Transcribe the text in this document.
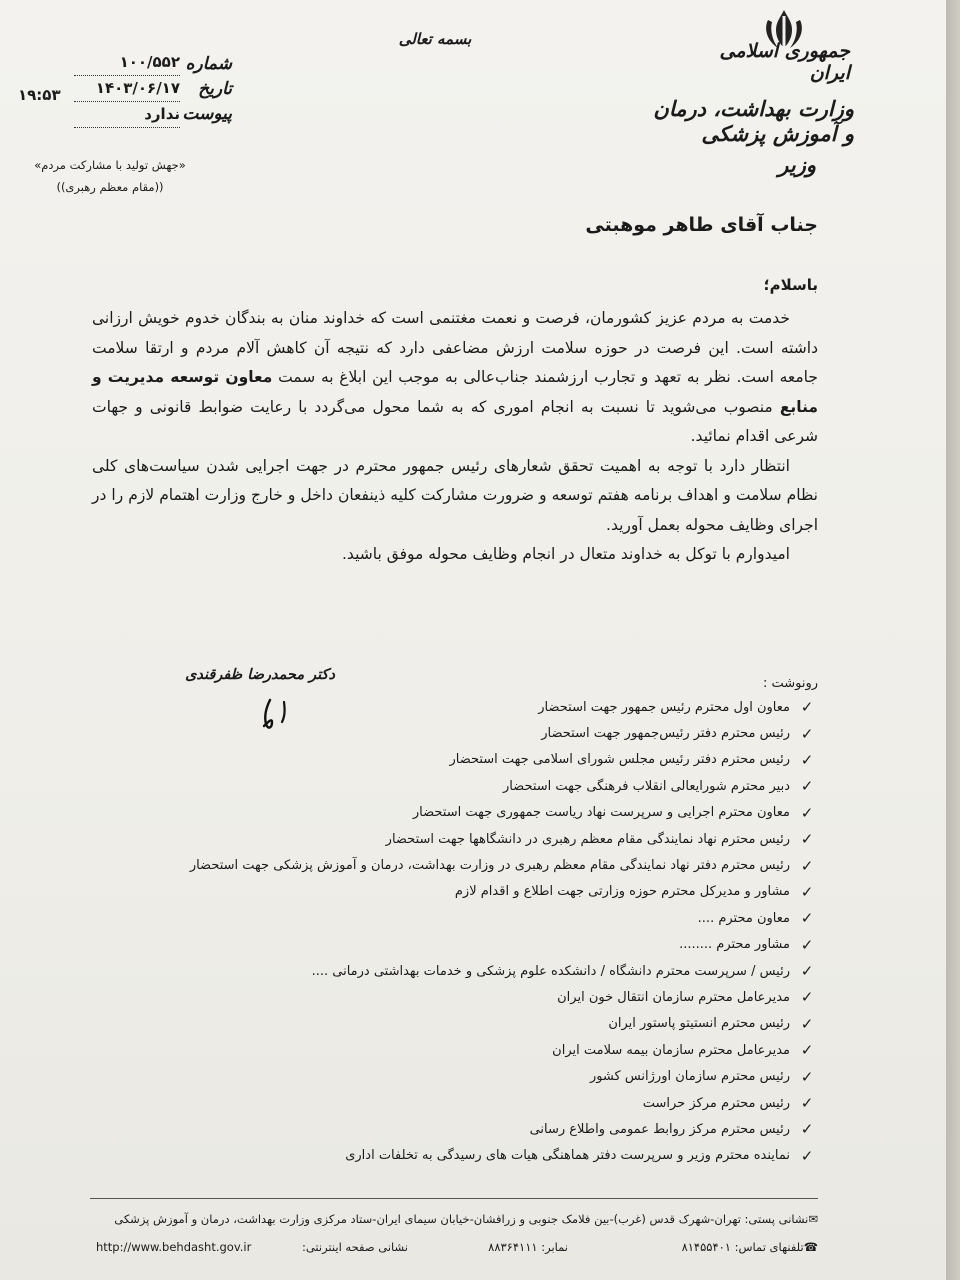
جمهوری اسلامی ایران
وزارت بهداشت، درمان و آموزش پزشکی
وزیر
بسمه تعالی
شماره
تاریخ
پیوست
۱۰۰/۵۵۲
۱۴۰۳/۰۶/۱۷
ندارد
۱۹:۵۳
«جهش تولید با مشارکت مردم»
((مقام معظم رهبری))
جناب آقای طاهر موهبتی
باسلام؛

خدمت به مردم عزیز کشورمان، فرصت و نعمت مغتنمی است که خداوند منان به بندگان خدوم خویش ارزانی داشته است. این فرصت در حوزه سلامت ارزش مضاعفی دارد که نتیجه آن کاهش آلام مردم و ارتقا سلامت جامعه است. نظر به تعهد و تجارب ارزشمند جناب‌عالی به موجب این ابلاغ به سمت معاون توسعه مدیریت و منابع منصوب می‌شوید تا نسبت به انجام اموری که به شما محول می‌گردد با رعایت ضوابط قانونی و جهات شرعی اقدام نمائید.

انتظار دارد با توجه به اهمیت تحقق شعارهای رئیس جمهور محترم در جهت اجرایی شدن سیاست‌های کلی نظام سلامت و اهداف برنامه هفتم توسعه و ضرورت مشارکت کلیه ذینفعان داخل و خارج وزارت اهتمام لازم را در اجرای وظایف محوله بعمل آورید.

امیدوارم با توکل به خداوند متعال در انجام وظایف محوله موفق باشید.

دکتر محمدرضا ظفرقندی
رونوشت :
✓
معاون اول محترم رئیس جمهور جهت استحضار
✓
رئیس محترم دفتر رئیس‌جمهور جهت استحضار
✓
رئیس محترم دفتر رئیس مجلس شورای اسلامی جهت استحضار
✓
دبیر محترم شورایعالی انقلاب فرهنگی جهت استحضار
✓
معاون محترم اجرایی و سرپرست نهاد ریاست جمهوری جهت استحضار
✓
رئیس محترم نهاد نمایندگی مقام معظم رهبری در دانشگاهها جهت استحضار
✓
رئیس محترم دفتر نهاد نمایندگی مقام معظم رهبری در وزارت بهداشت، درمان و آموزش پزشکی جهت استحضار
✓
مشاور و مدیرکل محترم حوزه وزارتی جهت اطلاع و اقدام لازم
✓
معاون محترم ....
✓
مشاور محترم ........
✓
رئیس / سرپرست محترم دانشگاه / دانشکده علوم پزشکی و خدمات بهداشتی درمانی ....
✓
مدیرعامل محترم سازمان انتقال خون ایران
✓
رئیس محترم انستیتو پاستور ایران
✓
مدیرعامل محترم سازمان بیمه سلامت ایران
✓
رئیس محترم سازمان اورژانس کشور
✓
رئیس محترم مرکز حراست
✓
رئیس محترم مرکز روابط عمومی واطلاع رسانی
✓
نماینده محترم وزیر و سرپرست دفتر هماهنگی هیات های رسیدگی به تخلفات اداری
✉نشانی پستی: تهران-شهرک قدس (غرب)-بین فلامک جنوبی و زرافشان-خیابان سیمای ایران-ستاد مرکزی وزارت بهداشت، درمان و آموزش پزشکی
☎تلفنهای تماس: ۸۱۴۵۵۴۰۱
نمابر: ۸۸۳۶۴۱۱۱
نشانی صفحه اینترنتی:
http://www.behdasht.gov.ir
